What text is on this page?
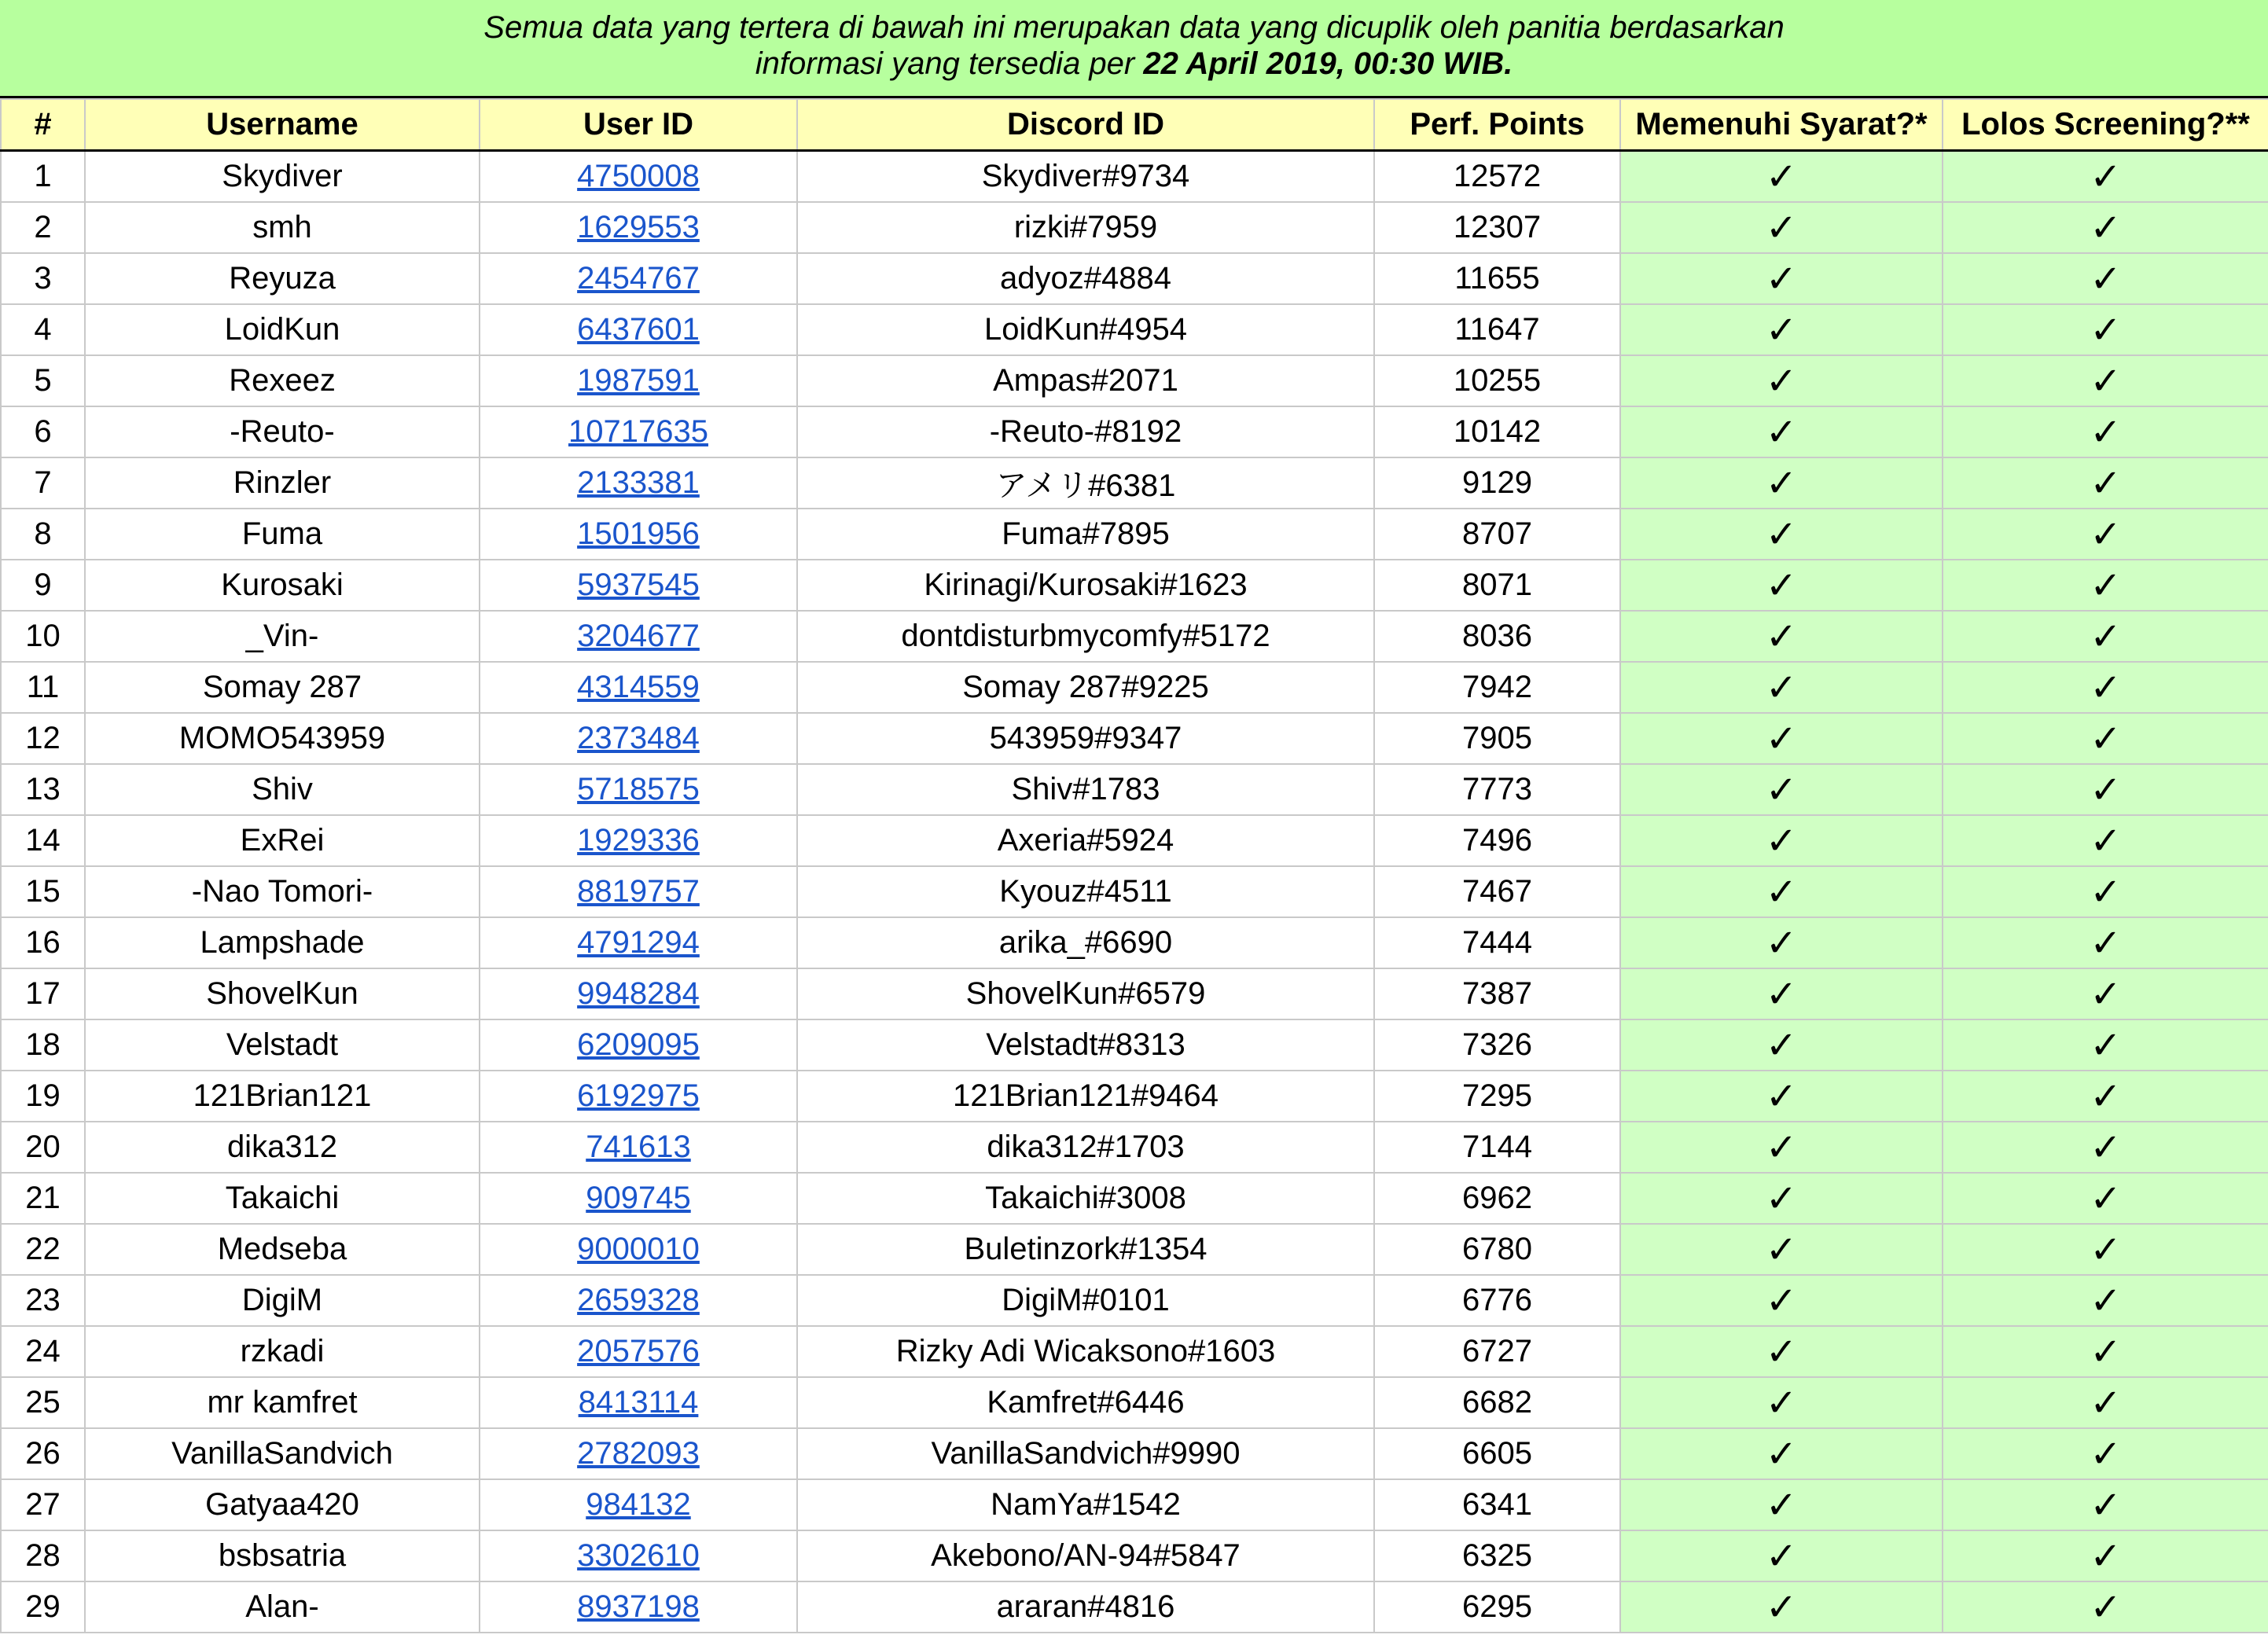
Semua data yang tertera di bawah ini merupakan data yang dicuplik oleh panitia berdasarkan
informasi yang tersedia per 22 April 2019, 00:30 WIB.
#	Username	User ID	Discord ID	Perf. Points	Memenuhi Syarat?*	Lolos Screening?**
1	Skydiver	4750008	Skydiver#9734	12572	✓	✓
2	smh	1629553	rizki#7959	12307	✓	✓
3	Reyuza	2454767	adyoz#4884	11655	✓	✓
4	LoidKun	6437601	LoidKun#4954	11647	✓	✓
5	Rexeez	1987591	Ampas#2071	10255	✓	✓
6	-Reuto-	10717635	-Reuto-#8192	10142	✓	✓
7	Rinzler	2133381	アメリ#6381	9129	✓	✓
8	Fuma	1501956	Fuma#7895	8707	✓	✓
9	Kurosaki	5937545	Kirinagi/Kurosaki#1623	8071	✓	✓
10	_Vin-	3204677	dontdisturbmycomfy#5172	8036	✓	✓
11	Somay 287	4314559	Somay 287#9225	7942	✓	✓
12	MOMO543959	2373484	543959#9347	7905	✓	✓
13	Shiv	5718575	Shiv#1783	7773	✓	✓
14	ExRei	1929336	Axeria#5924	7496	✓	✓
15	-Nao Tomori-	8819757	Kyouz#4511	7467	✓	✓
16	Lampshade	4791294	arika_#6690	7444	✓	✓
17	ShovelKun	9948284	ShovelKun#6579	7387	✓	✓
18	Velstadt	6209095	Velstadt#8313	7326	✓	✓
19	121Brian121	6192975	121Brian121#9464	7295	✓	✓
20	dika312	741613	dika312#1703	7144	✓	✓
21	Takaichi	909745	Takaichi#3008	6962	✓	✓
22	Medseba	9000010	Buletinzork#1354	6780	✓	✓
23	DigiM	2659328	DigiM#0101	6776	✓	✓
24	rzkadi	2057576	Rizky Adi Wicaksono#1603	6727	✓	✓
25	mr kamfret	8413114	Kamfret#6446	6682	✓	✓
26	VanillaSandvich	2782093	VanillaSandvich#9990	6605	✓	✓
27	Gatyaa420	984132	NamYa#1542	6341	✓	✓
28	bsbsatria	3302610	Akebono/AN-94#5847	6325	✓	✓
29	Alan-	8937198	araran#4816	6295	✓	✓
